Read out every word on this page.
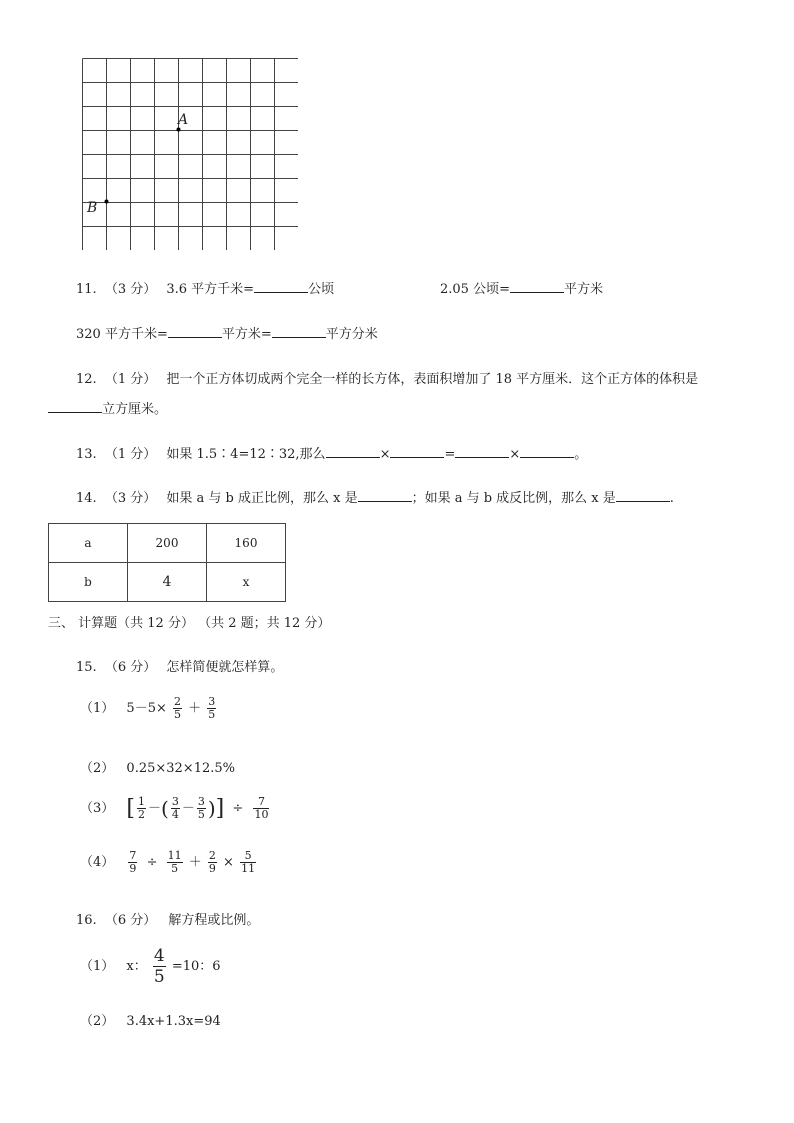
A
B
11. （3 分） 3.6 平方千米=	公顷	2.05 公顷=	平方米
320 平方千米=	平方米=	平方分米
12. （1 分） 把一个正方体切成两个完全一样的长方体，表面积增加了 18 平方厘米．这个正方体的体积是
立方厘米。
13. （1 分） 如果 1.5∶4=12∶32,那么	×	=	×	。
14. （3 分） 如果 a 与 b 成正比例，那么 x 是	；如果 a 与 b 成反比例，那么 x 是	.
a	200	160
b	4	x
三、 计算题（共 12 分） （共 2 题；共 12 分）
15. （6 分） 怎样简便就怎样算。
（1） $5-5\times \frac{2}{5} + \frac{3}{5}$
（2） 0.25×32×12.5%
（3） [ $\frac{1}{2}$ －( $\frac{3}{4} - \frac{3}{5}$ )] ÷ $\frac{7}{10}$
$(4) \frac{7}{9} \div \frac{11}{5} + \frac{2}{9} \times \frac{5}{11}$
16. （6 分） 解方程或比例。
（1） x： $\frac{4}{5} =10$：6
（2） 3.4x+1.3x=94
